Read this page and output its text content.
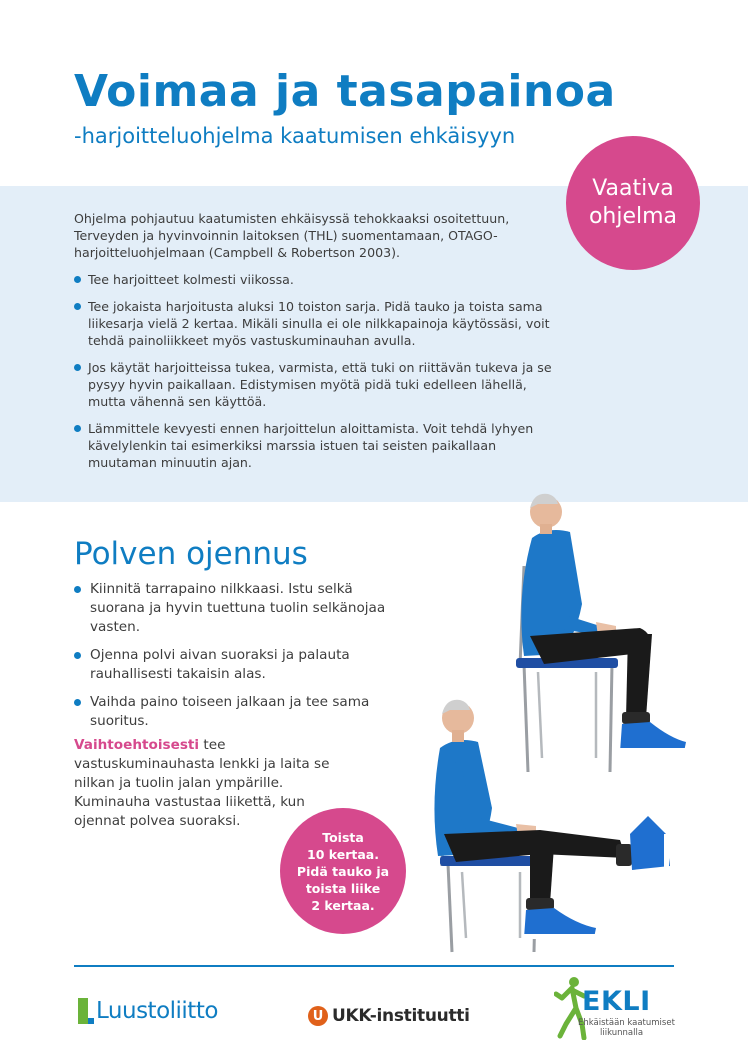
Voimaa ja tasapainoa
-harjoitteluohjelma kaatumisen ehkäisyyn
Vaativa
ohjelma

Ohjelma pohjautuu kaatumisten ehkäisyssä tehokkaaksi osoitettuun, Terveyden ja hyvinvoinnin laitoksen (THL) suomentamaan, OTAGO-harjoitteluohjelmaan (Campbell & Robertson 2003).

Tee harjoitteet kolmesti viikossa.
Tee jokaista harjoitusta aluksi 10 toiston sarja. Pidä tauko ja toista sama liikesarja vielä 2 kertaa. Mikäli sinulla ei ole nilkkapainoja käytössäsi, voit tehdä painoliikkeet myös vastuskuminauhan avulla.
Jos käytät harjoitteissa tukea, varmista, että tuki on riittävän tukeva ja se pysyy hyvin paikallaan. Edistymisen myötä pidä tuki edelleen lähellä, mutta vähennä sen käyttöä.
Lämmittele kevyesti ennen harjoittelun aloittamista. Voit tehdä lyhyen kävelylenkin tai esimerkiksi marssia istuen tai seisten paikallaan muutaman minuutin ajan.
Polven ojennus
Kiinnitä tarrapaino nilkkaasi. Istu selkä suorana ja hyvin tuettuna tuolin selkänojaa vasten.
Ojenna polvi aivan suoraksi ja palauta rauhallisesti takaisin alas.
Vaihda paino toiseen jalkaan ja tee sama suoritus.
Vaihtoehtoisesti tee vastuskuminauhasta lenkki ja laita se nilkan ja tuolin jalan ympärille. Kuminauha vastustaa liikettä, kun ojennat polvea suoraksi.
Toista
10 kertaa.
Pidä tauko ja
toista liike
2 kertaa.
Luustoliitto	U UKK-instituutti	EKLI
Ehkäistään kaatumiset
liikunnalla
